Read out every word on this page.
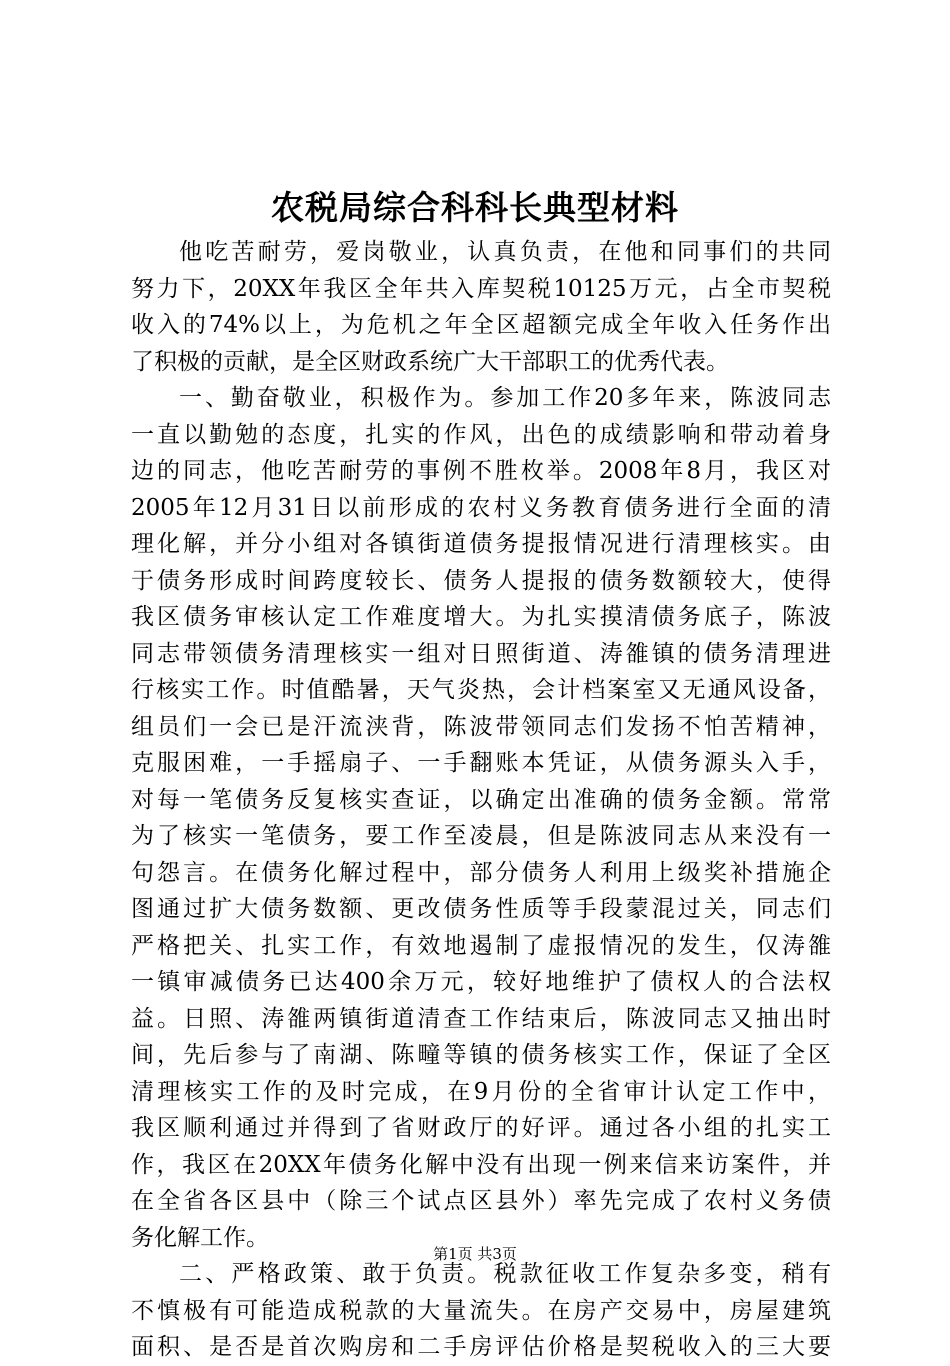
农税局综合科科长典型材料
他吃苦耐劳，爱岗敬业，认真负责，在他和同事们的共同
努力下，20XX年我区全年共入库契税10125万元，占全市契税
收入的74%以上，为危机之年全区超额完成全年收入任务作出
了积极的贡献，是全区财政系统广大干部职工的优秀代表。
一、勤奋敬业，积极作为。参加工作20多年来，陈波同志
一直以勤勉的态度，扎实的作风，出色的成绩影响和带动着身
边的同志，他吃苦耐劳的事例不胜枚举。2008年8月，我区对
2005年12月31日以前形成的农村义务教育债务进行全面的清
理化解，并分小组对各镇街道债务提报情况进行清理核实。由
于债务形成时间跨度较长、债务人提报的债务数额较大，使得
我区债务审核认定工作难度增大。为扎实摸清债务底子，陈波
同志带领债务清理核实一组对日照街道、涛雒镇的债务清理进
行核实工作。时值酷暑，天气炎热，会计档案室又无通风设备，
组员们一会已是汗流浃背，陈波带领同志们发扬不怕苦精神，
克服困难，一手摇扇子、一手翻账本凭证，从债务源头入手，
对每一笔债务反复核实查证，以确定出准确的债务金额。常常
为了核实一笔债务，要工作至凌晨，但是陈波同志从来没有一
句怨言。在债务化解过程中，部分债务人利用上级奖补措施企
图通过扩大债务数额、更改债务性质等手段蒙混过关，同志们
严格把关、扎实工作，有效地遏制了虚报情况的发生，仅涛雒
一镇审减债务已达400余万元，较好地维护了债权人的合法权
益。日照、涛雒两镇街道清查工作结束后，陈波同志又抽出时
间，先后参与了南湖、陈疃等镇的债务核实工作，保证了全区
清理核实工作的及时完成，在9月份的全省审计认定工作中，
我区顺利通过并得到了省财政厅的好评。通过各小组的扎实工
作，我区在20XX年债务化解中没有出现一例来信来访案件，并
在全省各区县中（除三个试点区县外）率先完成了农村义务债
务化解工作。
二、严格政策、敢于负责。税款征收工作复杂多变，稍有
不慎极有可能造成税款的大量流失。在房产交易中，房屋建筑
面积、是否是首次购房和二手房评估价格是契税收入的三大要
第1页 共3页
